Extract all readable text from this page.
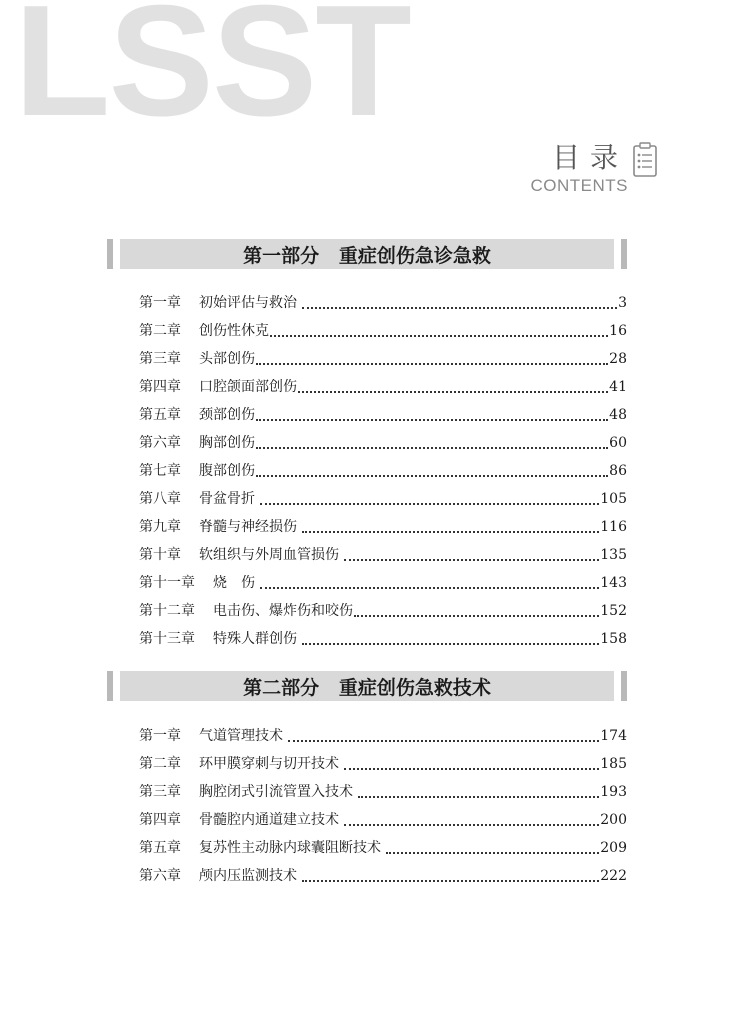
LSST
目录
CONTENTS
第一部分   重症创伤急诊急救
第一章 初始评估与救治	3
第二章 创伤性休克	16
第三章 头部创伤	28
第四章 口腔颌面部创伤	41
第五章 颈部创伤	48
第六章 胸部创伤	60
第七章 腹部创伤	86
第八章 骨盆骨折	105
第九章 脊髓与神经损伤	116
第十章 软组织与外周血管损伤	135
第十一章 烧　伤	143
第十二章 电击伤、爆炸伤和咬伤	152
第十三章 特殊人群创伤	158
第二部分   重症创伤急救技术
第一章 气道管理技术	174
第二章 环甲膜穿刺与切开技术	185
第三章 胸腔闭式引流管置入技术	193
第四章 骨髓腔内通道建立技术	200
第五章 复苏性主动脉内球囊阻断技术	209
第六章 颅内压监测技术	222
